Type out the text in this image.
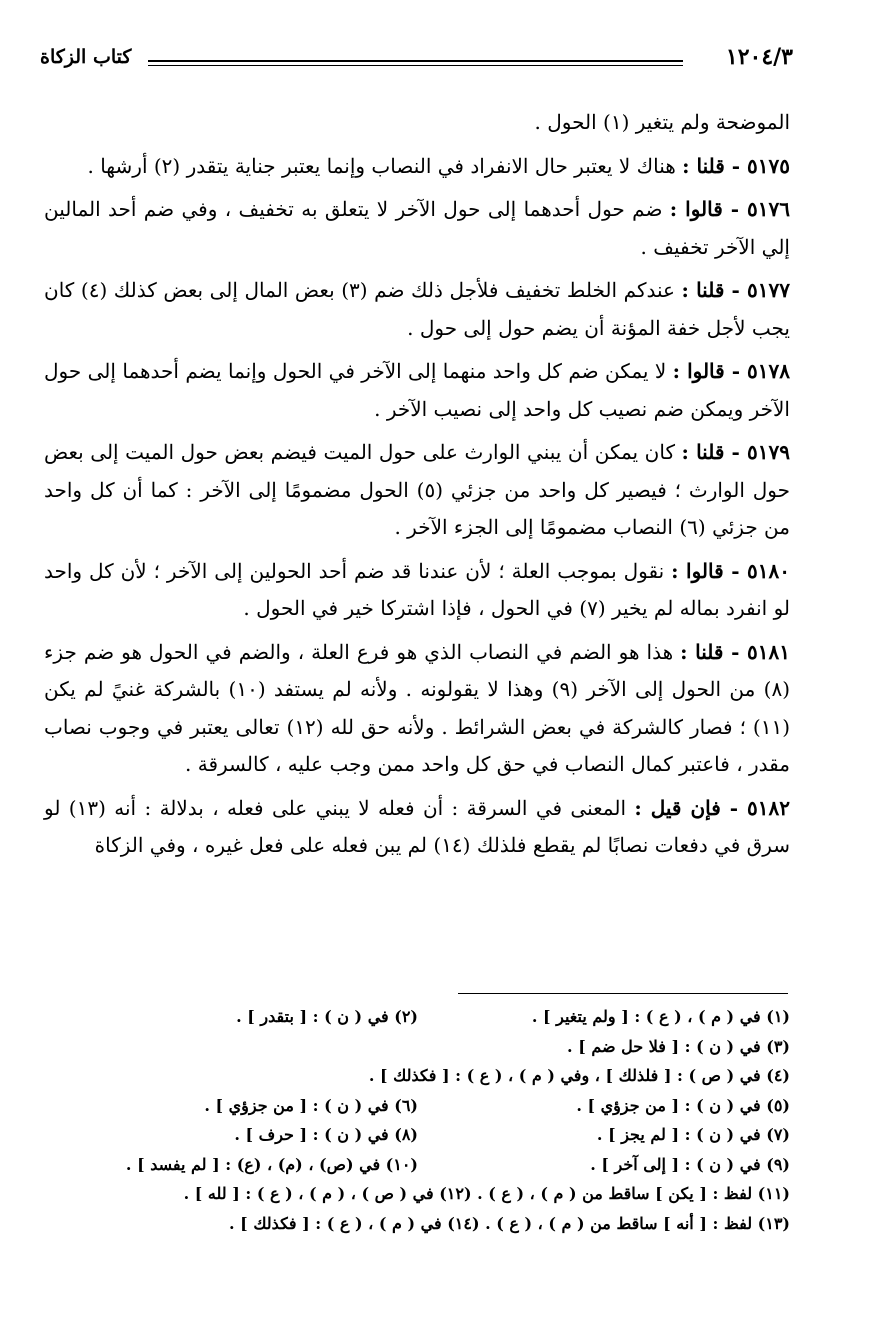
١٢٠٤/٣
كتاب الزكاة

الموضحة ولم يتغير (١) الحول .

٥١٧٥ - قلنا : هناك لا يعتبر حال الانفراد في النصاب وإنما يعتبر جناية يتقدر (٢) أرشها .

٥١٧٦ - قالوا : ضم حول أحدهما إلى حول الآخر لا يتعلق به تخفيف ، وفي ضم أحد المالين إلي الآخر تخفيف .

٥١٧٧ - قلنا : عندكم الخلط تخفيف فلأجل ذلك ضم (٣) بعض المال إلى بعض كذلك (٤) كان يجب لأجل خفة المؤنة أن يضم حول إلى حول .

٥١٧٨ - قالوا : لا يمكن ضم كل واحد منهما إلى الآخر في الحول وإنما يضم أحدهما إلى حول الآخر ويمكن ضم نصيب كل واحد إلى نصيب الآخر .

٥١٧٩ - قلنا : كان يمكن أن يبني الوارث على حول الميت فيضم بعض حول الميت إلى بعض حول الوارث ؛ فيصير كل واحد من جزئي (٥) الحول مضمومًا إلى الآخر : كما أن كل واحد من جزئي (٦) النصاب مضمومًا إلى الجزء الآخر .

٥١٨٠ - قالوا : نقول بموجب العلة ؛ لأن عندنا قد ضم أحد الحولين إلى الآخر ؛ لأن كل واحد لو انفرد بماله لم يخير (٧) في الحول ، فإذا اشتركا خير في الحول .

٥١٨١ - قلنا : هذا هو الضم في النصاب الذي هو فرع العلة ، والضم في الحول هو ضم جزء (٨) من الحول إلى الآخر (٩) وهذا لا يقولونه . ولأنه لم يستفد (١٠) بالشركة غنيً لم يكن (١١) ؛ فصار كالشركة في بعض الشرائط . ولأنه حق لله (١٢) تعالى يعتبر في وجوب نصاب مقدر ، فاعتبر كمال النصاب في حق كل واحد ممن وجب عليه ، كالسرقة .

٥١٨٢ - فإن قيل : المعنى في السرقة : أن فعله لا يبني على فعله ، بدلالة : أنه (١٣) لو سرق في دفعات نصابًا لم يقطع فلذلك (١٤) لم يبن فعله على فعل غيره ، وفي الزكاة

(١) في ( م ) ، ( ع ) : [ ولم يتغير ] .
(٢) في ( ن ) : [ بتقدر ] .
(٣) في ( ن ) : [ فلا حل ضم ] .
(٤) في ( ص ) : [ فلذلك ] ، وفي ( م ) ، ( ع ) : [ فكذلك ] .
(٥) في ( ن ) : [ من جزؤي ] .
(٦) في ( ن ) : [ من جزؤي ] .
(٧) في ( ن ) : [ لم يجز ] .
(٨) في ( ن ) : [ حرف ] .
(٩) في ( ن ) : [ إلى آخر ] .
(١٠) في (ص) ، (م) ، (ع) : [ لم يفسد ] .
(١١) لفظ : [ يكن ] ساقط من ( م ) ، ( ع ) . (١٢) في ( ص ) ، ( م ) ، ( ع ) : [ لله ] .
(١٣) لفظ : [ أنه ] ساقط من ( م ) ، ( ع ) . (١٤) في ( م ) ، ( ع ) : [ فكذلك ] .
